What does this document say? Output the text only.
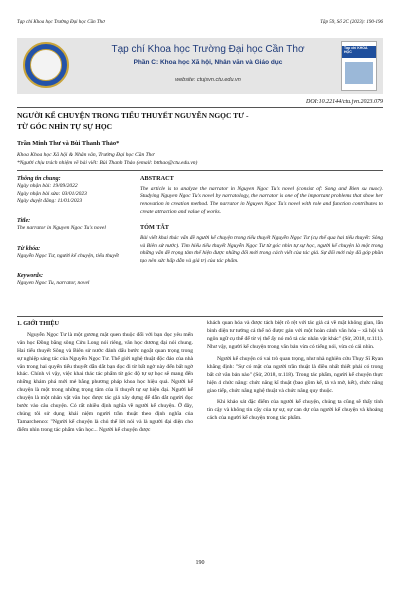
Tạp chí Khoa học Trường Đại học Cần Thơ	Tập 59, Số 2C (2023): 190-196
Tạp chí Khoa học Trường Đại học Cần Thơ
Phần C: Khoa học Xã hội, Nhân văn và Giáo dục
website: ctujsvn.ctu.edu.vn
Tạp chí KHOA HỌC
DOI:10.22144/ctu.jvn.2023.079
NGƯỜI KỂ CHUYỆN TRONG TIỂU THUYẾT NGUYỄN NGỌC TƯ -
TỪ GÓC NHÌN TỰ SỰ HỌC
Trần Minh Thư và Bùi Thanh Thảo*
Khoa Khoa học Xã hội & Nhân văn, Trường Đại học Cần Thơ
*Người chịu trách nhiệm về bài viết: Bùi Thanh Thảo (email: btthao@ctu.edu.vn)
Thông tin chung:
Ngày nhận bài: 19/09/2022
Ngày nhận bài sửa: 03/01/2023
Ngày duyệt đăng: 11/01/2023
Title:
The narrator in Nguyen Ngoc Tu's novel
Từ khóa:
Nguyễn Ngọc Tư, người kể chuyện, tiểu thuyết
Keywords:
Nguyen Ngoc Tu, narrator, novel
ABSTRACT
The article is to analyze the narrator in Nguyen Ngoc Tu's novel (consist of: Song and Bien su nuoc). Studying Nguyen Ngoc Tu's novel by narratology, the narrator is one of the important problems that show her renovation in creation method. The narrator in Nguyen Ngoc Tu's novel with role and function contributes to create attraction and value of works.
TÓM TẮT
Bài viết khai thác vấn đề người kể chuyện trong tiểu thuyết Nguyễn Ngọc Tư (cụ thể qua hai tiểu thuyết: Sông và Biên sử nước). Tìm hiểu tiểu thuyết Nguyễn Ngọc Tư từ góc nhìn tự sự học, người kể chuyện là một trong những vấn đề trọng tâm thể hiện được những đổi mới trong cách viết của tác giả. Sự đổi mới này đã góp phần tạo nên sức hấp dẫn và giá trị của tác phẩm.
1. GIỚI THIỆU

Nguyễn Ngọc Tư là một gương mặt quen thuộc đối với bạn đọc yêu mến văn học Đồng bằng sông Cửu Long nói riêng, văn học dương đại nói chung. Hai tiểu thuyết Sông và Biên sử nước đánh dấu bước ngoặt quan trọng trong sự nghiệp sáng tác của Nguyễn Ngọc Tư. Thế giới nghệ thuật độc đáo của nhà văn trong hai quyển tiểu thuyết dẫn dắt bạn đọc đi từ bất ngờ này đến bất ngờ khác. Chính vì vậy, việc khai thác tác phẩm từ góc độ tự sự học sẽ mang đến những khám phá mới mẻ bằng phương pháp khoa học hiệu quả. Người kể chuyện là một trong những trọng tâm của lí thuyết tự sự hiện đại. Người kể chuyện là một nhân vật văn học được tác giả xây dựng để dẫn dắt người đọc bước vào câu chuyện. Có rất nhiều định nghĩa về người kể chuyện. Ở đây, chúng tôi sử dụng khái niệm người trần thuật theo định nghĩa của Tamarchenco: "Người kể chuyện là chủ thể lời nói và là người đại diện cho điểm nhìn trong tác phẩm văn học... Người kể chuyện được

khách quan hóa và được tách biệt rõ rệt với tác giả cả về mặt không gian, lẫn bình diện tư tưởng cá thể nó được gán với một hoàn cảnh văn hóa – xã hội và ngôn ngữ cụ thể để từ vị thế ấy nó mô tả các nhân vật khác" (Sử, 2018, tr.111). Như vậy, người kể chuyện trong văn bản vừa có tiếng nói, vừa có cái nhìn.

Người kể chuyện có vai trò quan trọng, như nhà nghiên cứu Thụy Sĩ Ryan khẳng định: "Sự có mặt của người trần thuật là điều nhất thiết phải có trong bất cứ văn bản nào" (Sử, 2018, tr.118). Trong tác phẩm, người kể chuyện thực hiện 4 chức năng: chức năng kĩ thuật (bao gồm kể, tả và mở, kết), chức năng giao tiếp, chức năng nghệ thuật và chức năng quy thuộc.

Khi khảo sát đặc điểm của người kể chuyện, chúng ta cũng sẽ thấy tính tin cậy và không tin cậy của tự sự, sự can dự của người kể chuyện và khoảng cách của người kể chuyện trong tác phẩm.

190
